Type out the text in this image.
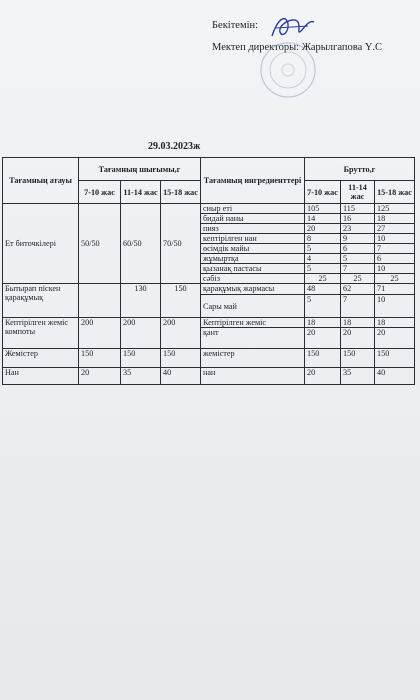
Бекітемін:
Мектеп директоры: Жарылгапова Ү.С
29.03.2023ж
Тағамның атауы	Тағамның шығымы,г			Тағамның ингредиенттері	Брутто,г		
	7-10 жас	11-14 жас	15-18 жас		7-10 жас	11-14 жас	15-18 жас
Ет биточкілері	50/50	60/50	70/50	сиыр еті	105	115	125
				бидай наны	14	16	18
				пияз	20	23	27
				кептірілген нан	8	9	10
				өсімдік майы	5	6	7
				жұмыртқа	4	5	6
				қызанақ пастасы	5	7	10
				сәбіз	25	25	25
Бытырап піскен қарақұмық		130	150	қарақұмық жармасы	48	62	71
				Сары май	5	7	10
Кептірілген жеміс компоты	200	200	200	Кептірілген жеміс	18	18	18
				қант	20	20	20
Жемістер	150	150	150	жемістер	150	150	150
Нан	20	35	40	нан	20	35	40
